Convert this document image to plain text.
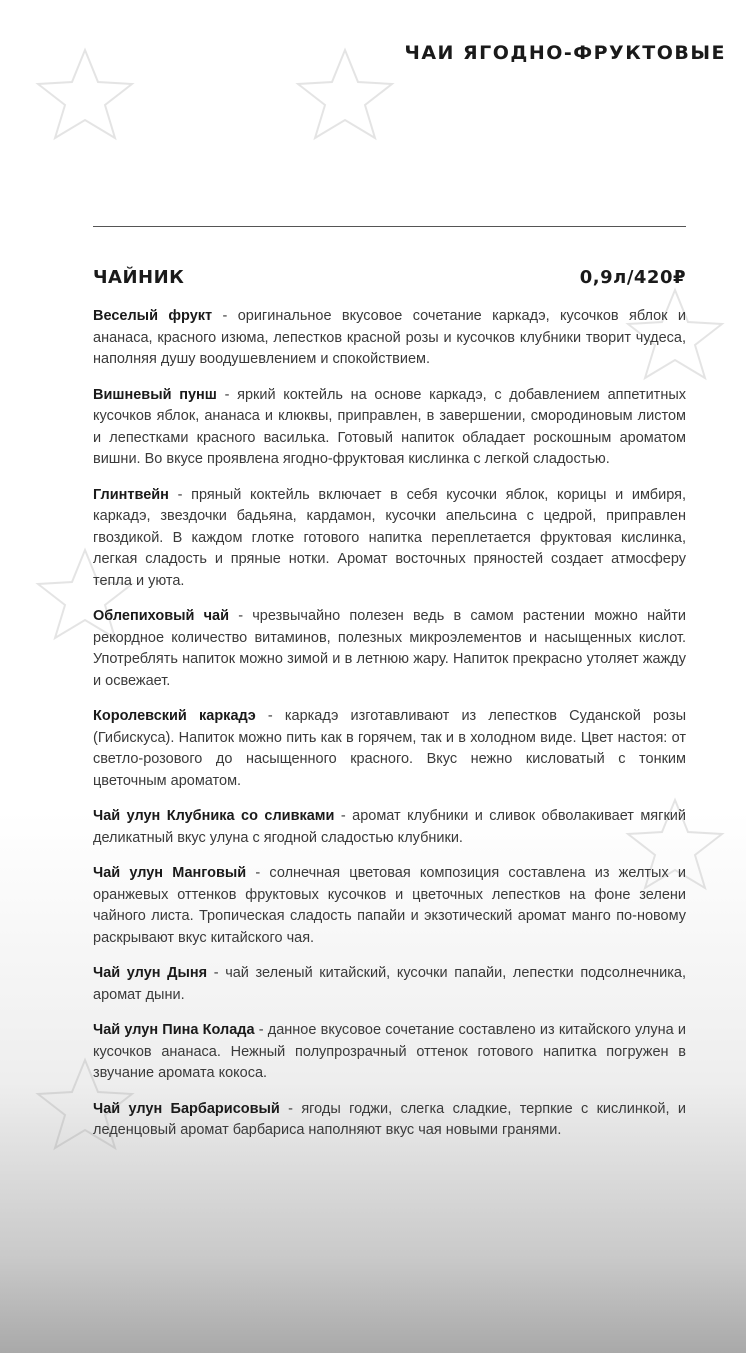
ЧАИ ЯГОДНО-ФРУКТОВЫЕ
ЧАЙНИК	0,9л/420₽

Веселый фрукт - оригинальное вкусовое сочетание каркадэ, кусочков яблок и ананаса, красного изюма, лепестков красной розы и кусочков клубники творит чудеса, наполняя душу воодушевлением и спокойствием.

Вишневый пунш - яркий коктейль на основе каркадэ, с добавлением аппетитных кусочков яблок, ананаса и клюквы, приправлен, в завершении, смородиновым листом и лепестками красного василька. Готовый напиток обладает роскошным ароматом вишни. Во вкусе проявлена ягодно-фруктовая кислинка с легкой сладостью.

Глинтвейн - пряный коктейль включает в себя кусочки яблок, корицы и имбиря, каркадэ, звездочки бадьяна, кардамон, кусочки апельсина с цедрой, приправлен гвоздикой. В каждом глотке готового напитка переплетается фруктовая кислинка, легкая сладость и пряные нотки. Аромат восточных пряностей создает атмосферу тепла и уюта.

Облепиховый чай - чрезвычайно полезен ведь в самом растении можно найти рекордное количество витаминов, полезных микроэлементов и насыщенных кислот. Употреблять напиток можно зимой и в летнюю жару. Напиток прекрасно утоляет жажду и освежает.

Королевский каркадэ - каркадэ изготавливают из лепестков Суданской розы (Гибискуса). Напиток можно пить как в горячем, так и в холодном виде. Цвет настоя: от светло-розового до насыщенного красного. Вкус нежно кисловатый с тонким цветочным ароматом.

Чай улун Клубника со сливками - аромат клубники и сливок обволакивает мягкий деликатный вкус улуна с ягодной сладостью клубники.

Чай улун Манговый - солнечная цветовая композиция составлена из желтых и оранжевых оттенков фруктовых кусочков и цветочных лепестков на фоне зелени чайного листа. Тропическая сладость папайи и экзотический аромат манго по-новому раскрывают вкус китайского чая.

Чай улун Дыня - чай зеленый китайский, кусочки папайи, лепестки подсолнечника, аромат дыни.

Чай улун Пина Колада - данное вкусовое сочетание составлено из китайского улуна и кусочков ананаса. Нежный полупрозрачный оттенок готового напитка погружен в звучание аромата кокоса.

Чай улун Барбарисовый - ягоды годжи, слегка сладкие, терпкие с кислинкой, и леденцовый аромат барбариса наполняют вкус чая новыми гранями.
